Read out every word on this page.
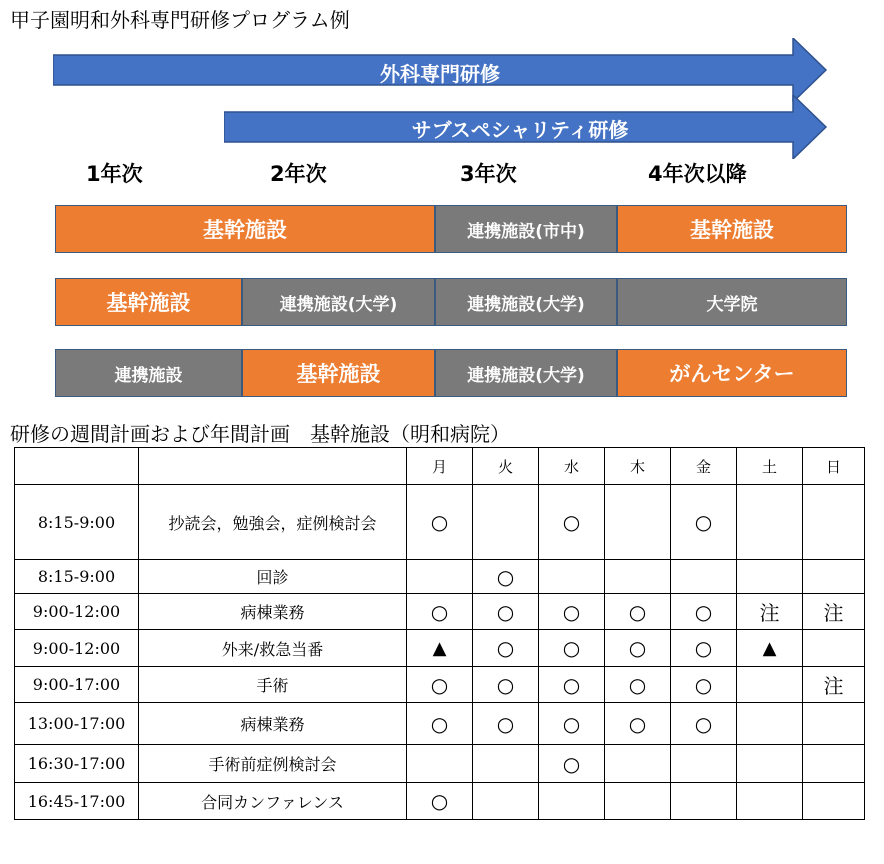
甲子園明和外科専門研修プログラム例
外科専門研修
サブスペシャリティ研修
1年次	2年次	3年次	4年次以降
基幹施設	連携施設(市中)	基幹施設
基幹施設	連携施設(大学)	連携施設(大学)	大学院
連携施設	基幹施設	連携施設(大学)	がんセンター
研修の週間計画および年間計画　基幹施設（明和病院）
		月	火	水	木	金	土	日
8:15-9:00	抄読会，勉強会，症例検討会	○		○		○		
8:15-9:00	回診		○					
9:00-12:00	病棟業務	○	○	○	○	○	注	注
9:00-12:00	外来/救急当番	▲	○	○	○	○	▲	
9:00-17:00	手術	○	○	○	○	○		注
13:00-17:00	病棟業務	○	○	○	○	○		
16:30-17:00	手術前症例検討会			○				
16:45-17:00	合同カンファレンス	○						
